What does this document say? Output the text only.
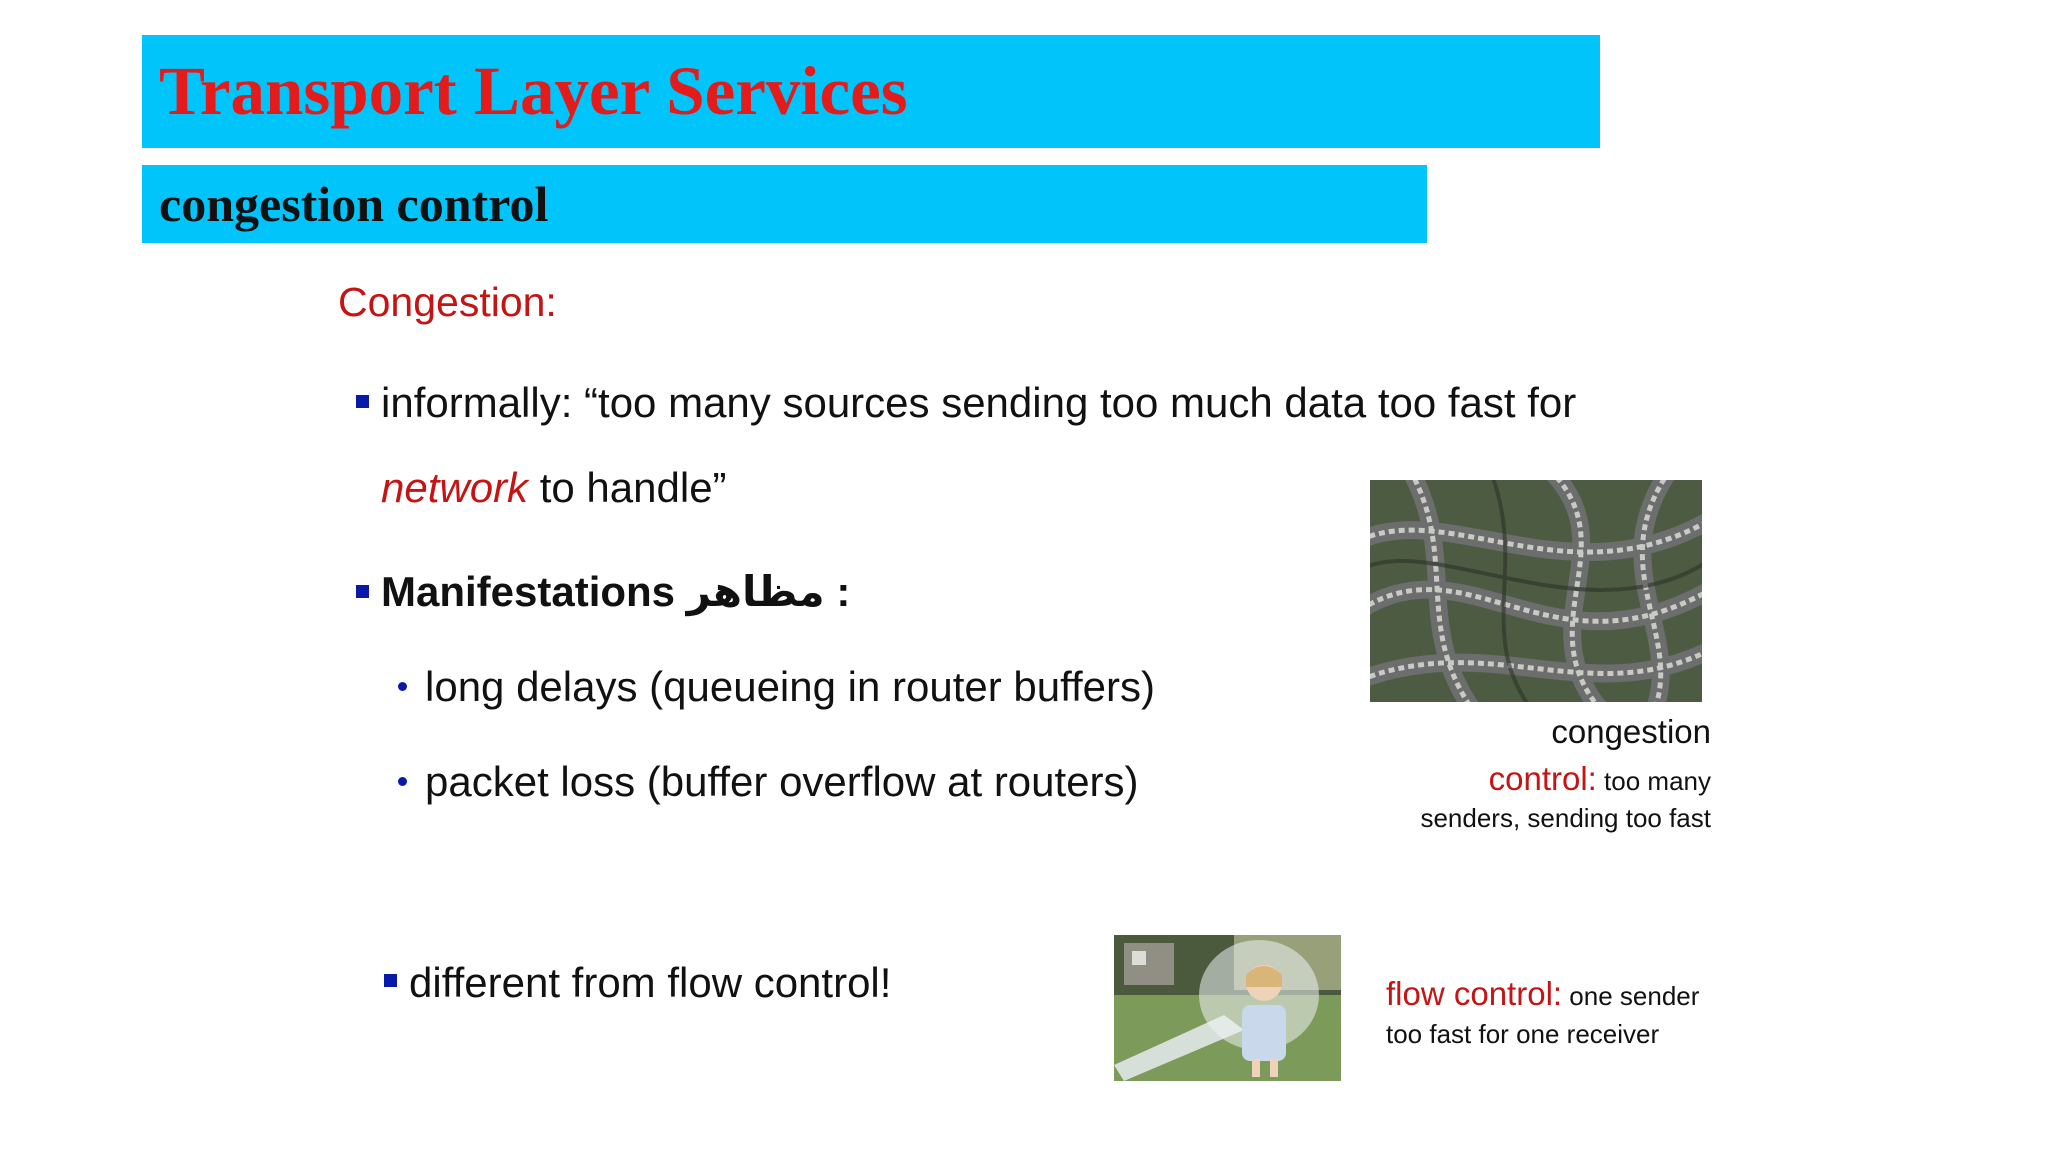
Transport Layer Services
congestion control
Congestion:
informally: “too many sources sending too much data too fast for
network to handle”
Manifestations مظاهر :
long delays (queueing in router buffers)
packet loss (buffer overflow at routers)
different from flow control!
congestion
control: too many
senders, sending too fast
flow control: one sender
too fast for one receiver
